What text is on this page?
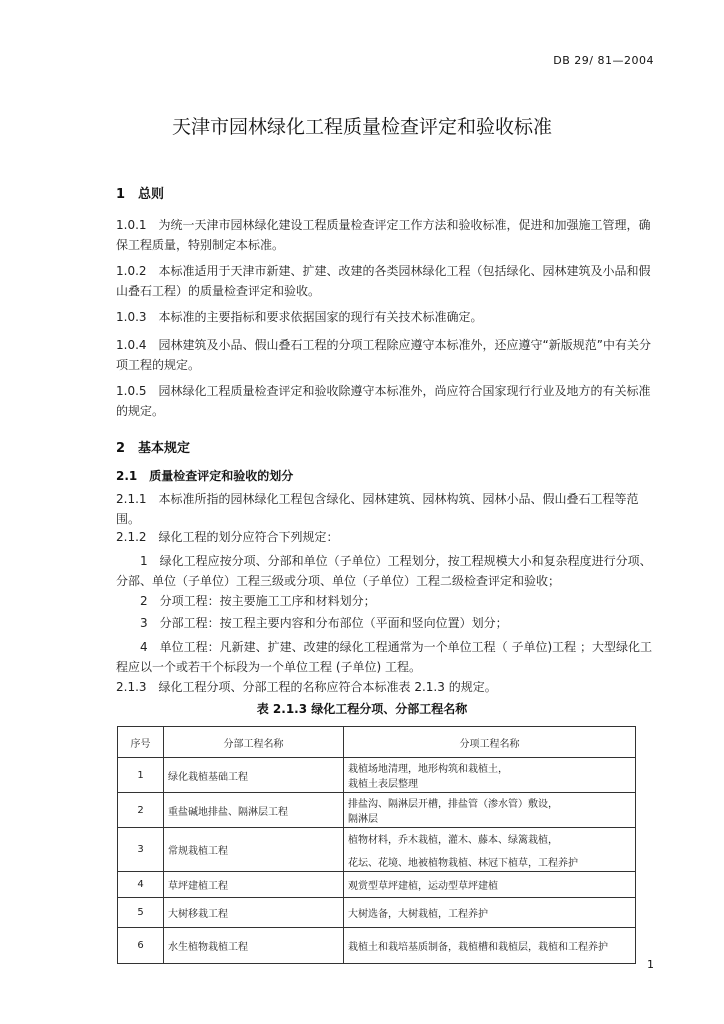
DB 29/ 81—2004
天津市园林绿化工程质量检查评定和验收标准
1　总则
1.0.1　为统一天津市园林绿化建设工程质量检查评定工作方法和验收标准，促进和加强施工管理，确保工程质量，特别制定本标准。
1.0.2　本标准适用于天津市新建、扩建、改建的各类园林绿化工程（包括绿化、园林建筑及小品和假山叠石工程）的质量检查评定和验收。
1.0.3　本标准的主要指标和要求依据国家的现行有关技术标准确定。
1.0.4　园林建筑及小品、假山叠石工程的分项工程除应遵守本标准外，还应遵守“新版规范”中有关分项工程的规定。
1.0.5　园林绿化工程质量检查评定和验收除遵守本标准外，尚应符合国家现行行业及地方的有关标准的规定。
2　基本规定
2.1　质量检查评定和验收的划分
2.1.1　本标准所指的园林绿化工程包含绿化、园林建筑、园林构筑、园林小品、假山叠石工程等范围。
2.1.2　绿化工程的划分应符合下列规定：
1　绿化工程应按分项、分部和单位（子单位）工程划分，按工程规模大小和复杂程度进行分项、分部、单位（子单位）工程三级或分项、单位（子单位）工程二级检查评定和验收；
2　分项工程：按主要施工工序和材料划分；
3　分部工程：按工程主要内容和分布部位（平面和竖向位置）划分；
4　单位工程：凡新建、扩建、改建的绿化工程通常为一个单位工程（ 子单位)工程 ；大型绿化工程应以一个或若干个标段为一个单位工程 (子单位) 工程。
2.1.3　绿化工程分项、分部工程的名称应符合本标准表 2.1.3 的规定。
表 2.1.3 绿化工程分项、分部工程名称
序号	分部工程名称	分项工程名称
1	绿化栽植基础工程	栽植场地清理，地形构筑和栽植土，
栽植土表层整理

2	重盐碱地排盐、隔淋层工程	排盐沟、隔淋层开槽，排盐管（渗水管）敷设，
隔淋层

3	常规栽植工程	植物材料，乔木栽植，灌木、藤本、绿篱栽植，
花坛、花境、地被植物栽植、林冠下植草，工程养护

4	草坪建植工程	观赏型草坪建植，运动型草坪建植

5	大树移栽工程	大树选备，大树栽植，工程养护

6	水生植物栽植工程	栽植土和栽培基质制备，栽植槽和栽植层，栽植和工程养护
1
